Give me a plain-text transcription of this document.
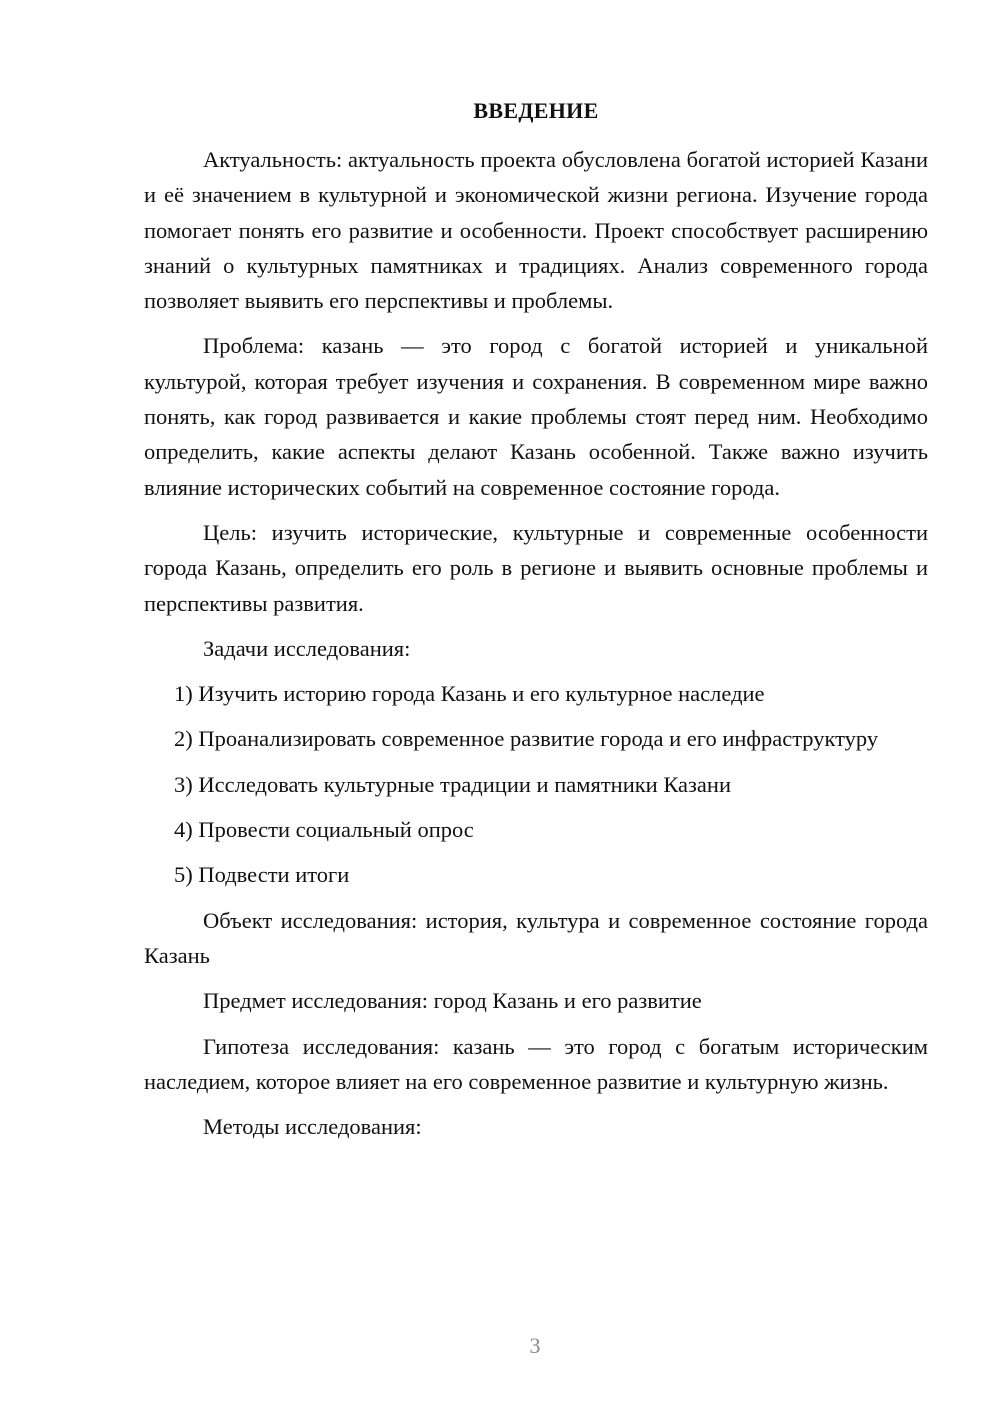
ВВЕДЕНИЕ

Актуальность: актуальность проекта обусловлена богатой историей Казани и её значением в культурной и экономической жизни региона. Изучение города помогает понять его развитие и особенности. Проект способствует расширению знаний о культурных памятниках и традициях. Анализ современного города позволяет выявить его перспективы и проблемы.

Проблема: казань — это город с богатой историей и уникальной культурой, которая требует изучения и сохранения. В современном мире важно понять, как город развивается и какие проблемы стоят перед ним. Необходимо определить, какие аспекты делают Казань особенной. Также важно изучить влияние исторических событий на современное состояние города.

Цель: изучить исторические, культурные и современные особенности города Казань, определить его роль в регионе и выявить основные проблемы и перспективы развития.

Задачи исследования:

1) Изучить историю города Казань и его культурное наследие

2) Проанализировать современное развитие города и его инфраструктуру

3) Исследовать культурные традиции и памятники Казани

4) Провести социальный опрос

5) Подвести итоги

Объект исследования: история, культура и современное состояние города Казань

Предмет исследования: город Казань и его развитие

Гипотеза исследования: казань — это город с богатым историческим наследием, которое влияет на его современное развитие и культурную жизнь.

Методы исследования:

3
